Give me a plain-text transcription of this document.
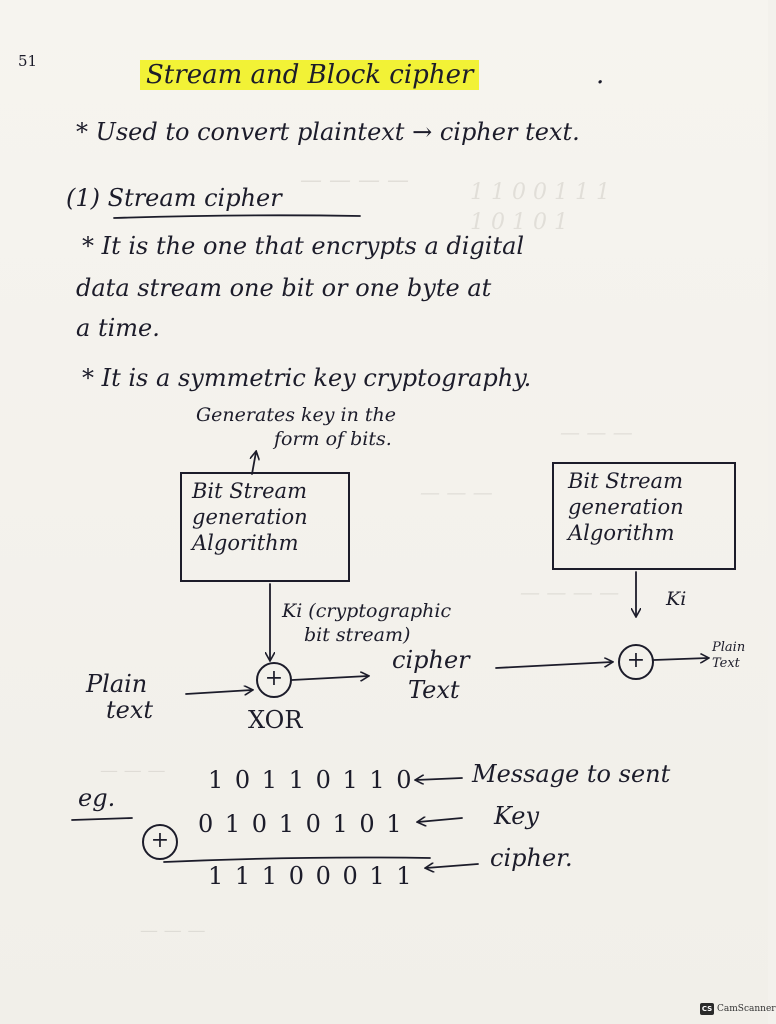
— — — —	1 1 0 0 1 1 1
1 0 1 0 1
— — —
— — —
— — — —
— — —
— — —
51	Stream and Block cipher	.
* Used to convert plaintext → cipher text.
(1) Stream cipher
* It is the one that encrypts a digital
data stream one bit or one byte at
a time.
* It is a symmetric key cryptography.
Generates key in the
form of bits.
Bit Stream
generation
Algorithm
Bit Stream
generation
Algorithm
Ki (cryptographic
bit stream)
Ki
Plain
text
+
XOR
cipher
Text
+
Plain
Text
eg.
1 0 1 1 0 1 1 0 Message to sent
+
0 1 0 1 0 1 0 1	Key
1 1 1 0 0 0 1 1
cipher.
CS CamScanner
